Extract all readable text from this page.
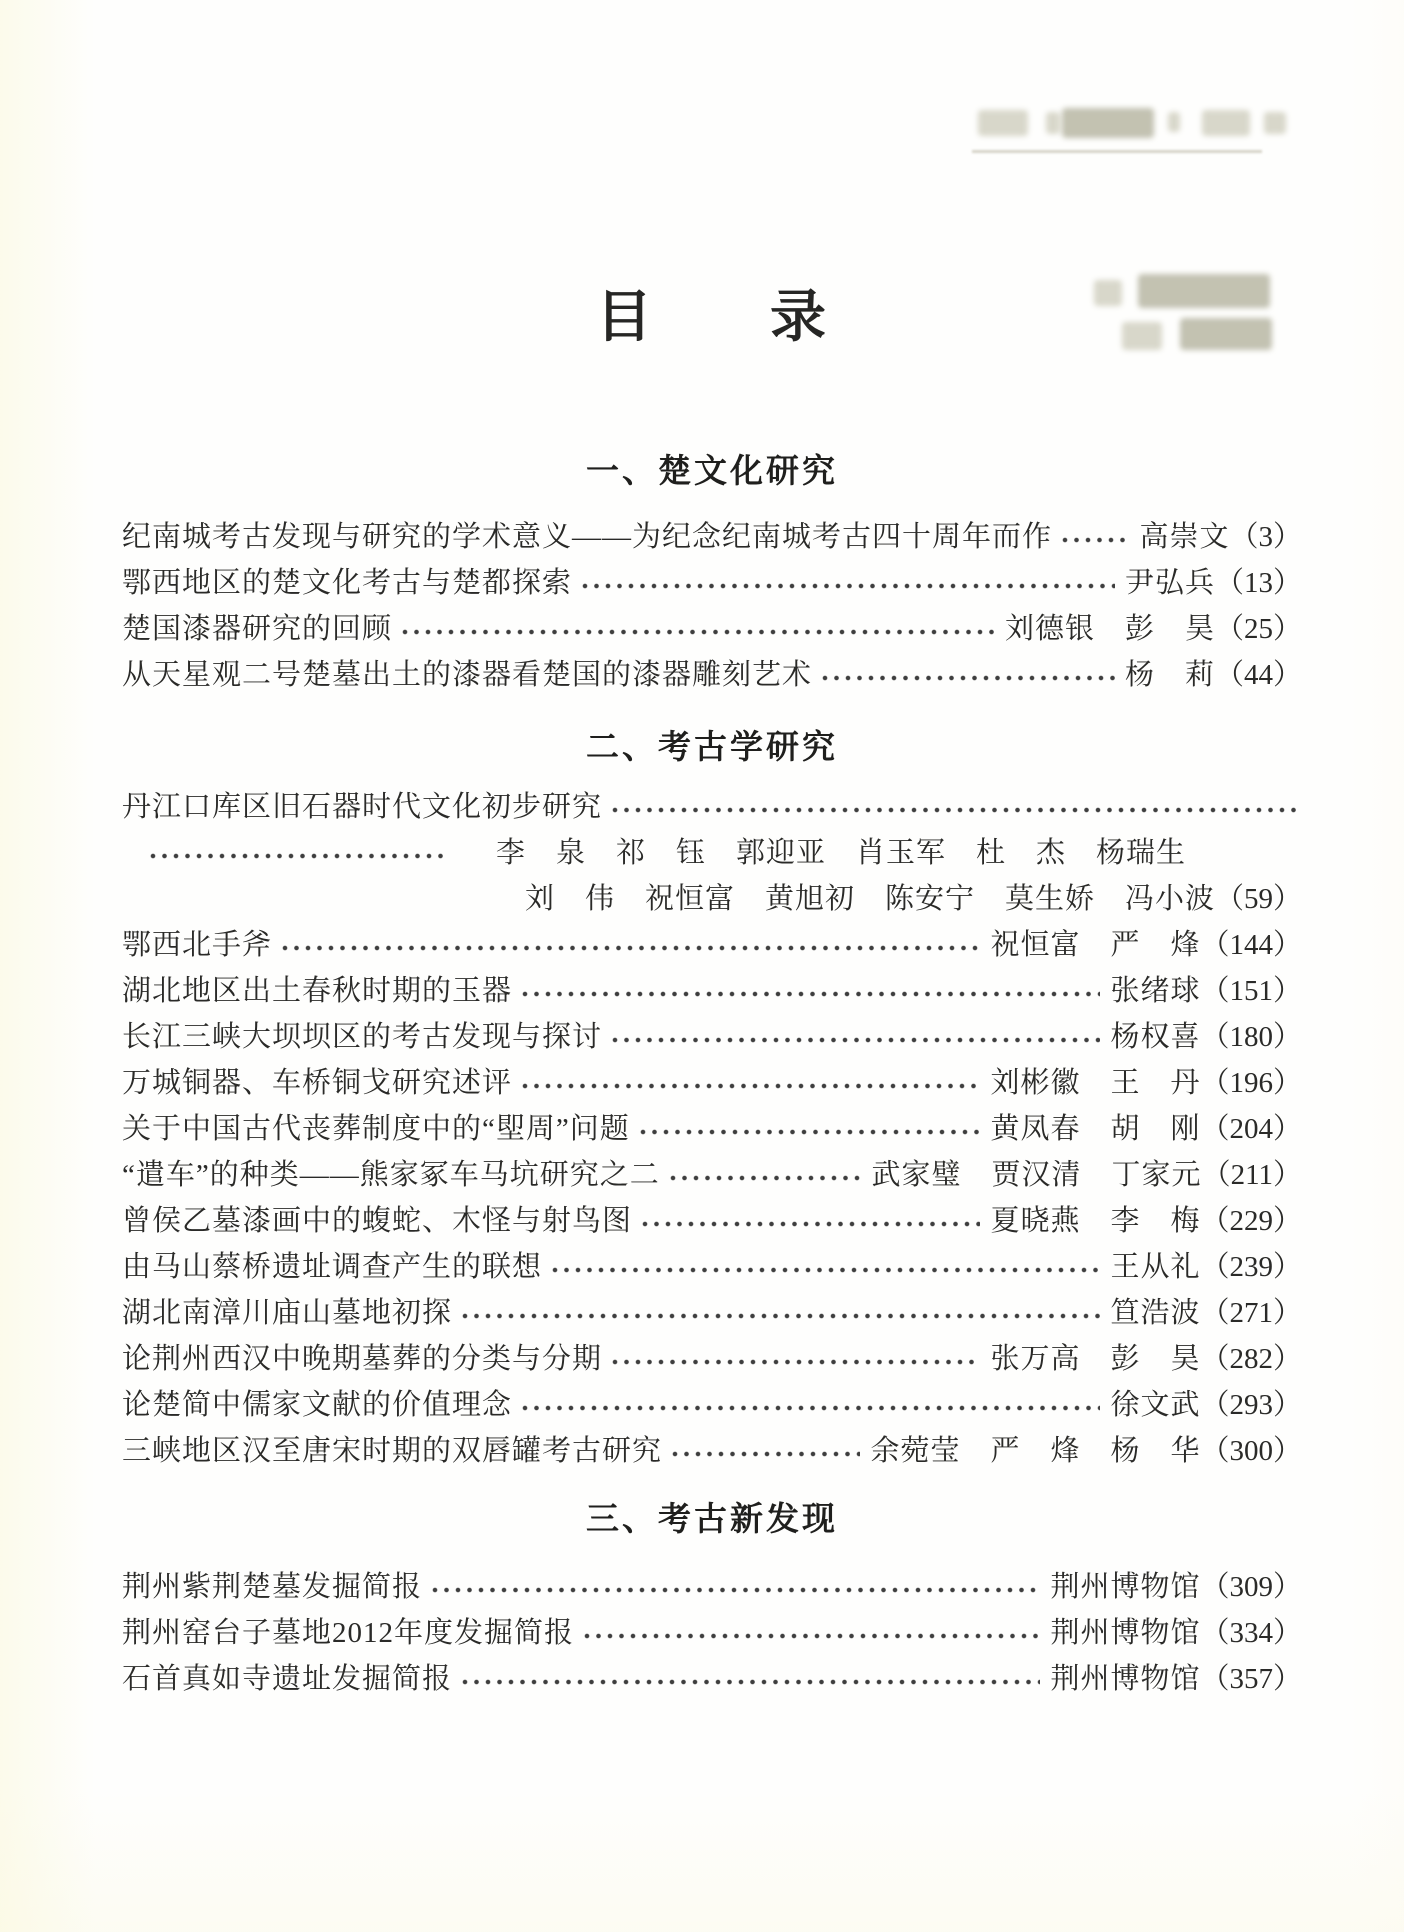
目　　录
一、楚文化研究
纪南城考古发现与研究的学术意义——为纪念纪南城考古四十周年而作	高崇文（3）
鄂西地区的楚文化考古与楚都探索	尹弘兵（13）
楚国漆器研究的回顾	刘德银　彭　昊（25）
从天星观二号楚墓出土的漆器看楚国的漆器雕刻艺术	杨　莉（44）
二、考古学研究
丹江口库区旧石器时代文化初步研究
李　泉　祁　钰　郭迎亚　肖玉军　杜　杰　杨瑞生
刘　伟　祝恒富　黄旭初　陈安宁　莫生娇　冯小波 （59）
鄂西北手斧	祝恒富　严　烽（144）
湖北地区出土春秋时期的玉器	张绪球（151）
长江三峡大坝坝区的考古发现与探讨	杨权喜（180）
万城铜器、车桥铜戈研究述评	刘彬徽　王　丹（196）
关于中国古代丧葬制度中的“堲周”问题	黄凤春　胡　刚（204）
“遣车”的种类——熊家冢车马坑研究之二	武家璧　贾汉清　丁家元（211）
曾侯乙墓漆画中的蝮蛇、木怪与射鸟图	夏晓燕　李　梅（229）
由马山蔡桥遗址调查产生的联想	王从礼（239）
湖北南漳川庙山墓地初探	笪浩波（271）
论荆州西汉中晚期墓葬的分类与分期	张万高　彭　昊（282）
论楚简中儒家文献的价值理念	徐文武（293）
三峡地区汉至唐宋时期的双唇罐考古研究	余菀莹　严　烽　杨　华（300）
三、考古新发现
荆州紫荆楚墓发掘简报	荆州博物馆（309）
荆州窑台子墓地2012年度发掘简报	荆州博物馆（334）
石首真如寺遗址发掘简报	荆州博物馆（357）
